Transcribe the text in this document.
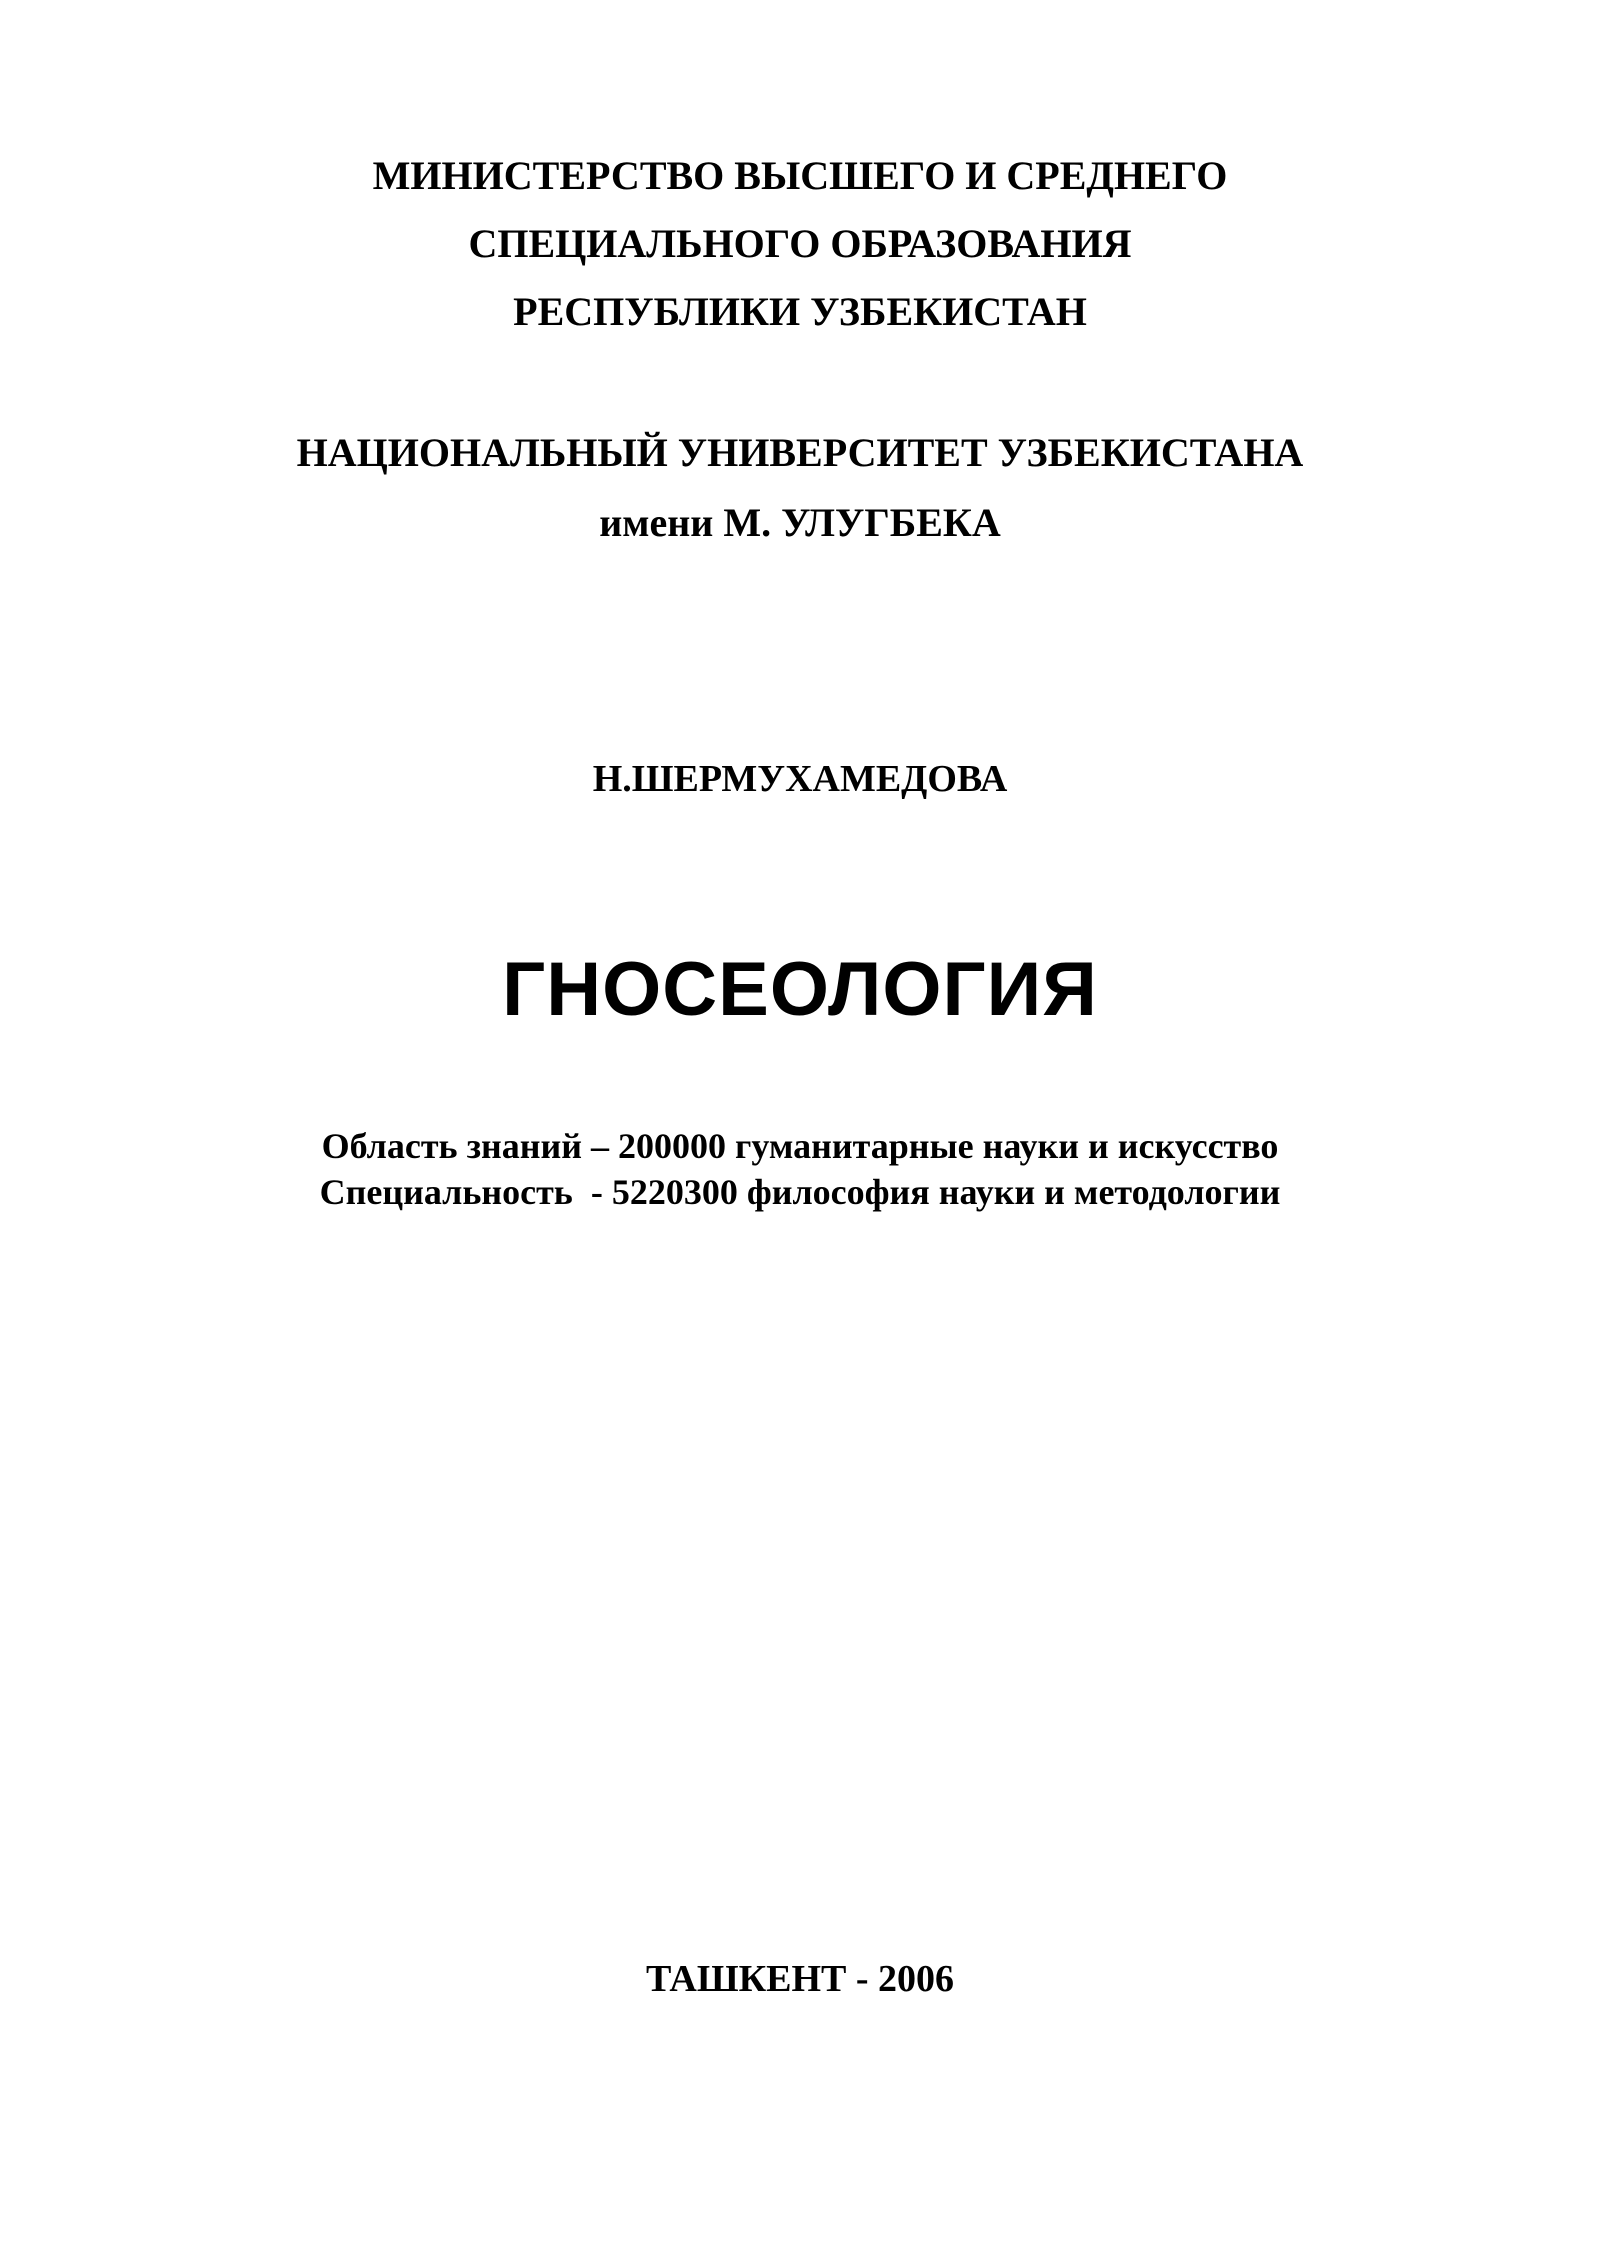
МИНИСТЕРСТВО ВЫСШЕГО И СРЕДНЕГО
СПЕЦИАЛЬНОГО ОБРАЗОВАНИЯ
РЕСПУБЛИКИ УЗБЕКИСТАН
НАЦИОНАЛЬНЫЙ УНИВЕРСИТЕТ УЗБЕКИСТАНА
имени М. УЛУГБЕКА
Н.ШЕРМУХАМЕДОВА
ГНОСЕОЛОГИЯ
Область знаний – 200000 гуманитарные науки и искусство
Специальность  - 5220300 философия науки и методологии
ТАШКЕНТ - 2006
